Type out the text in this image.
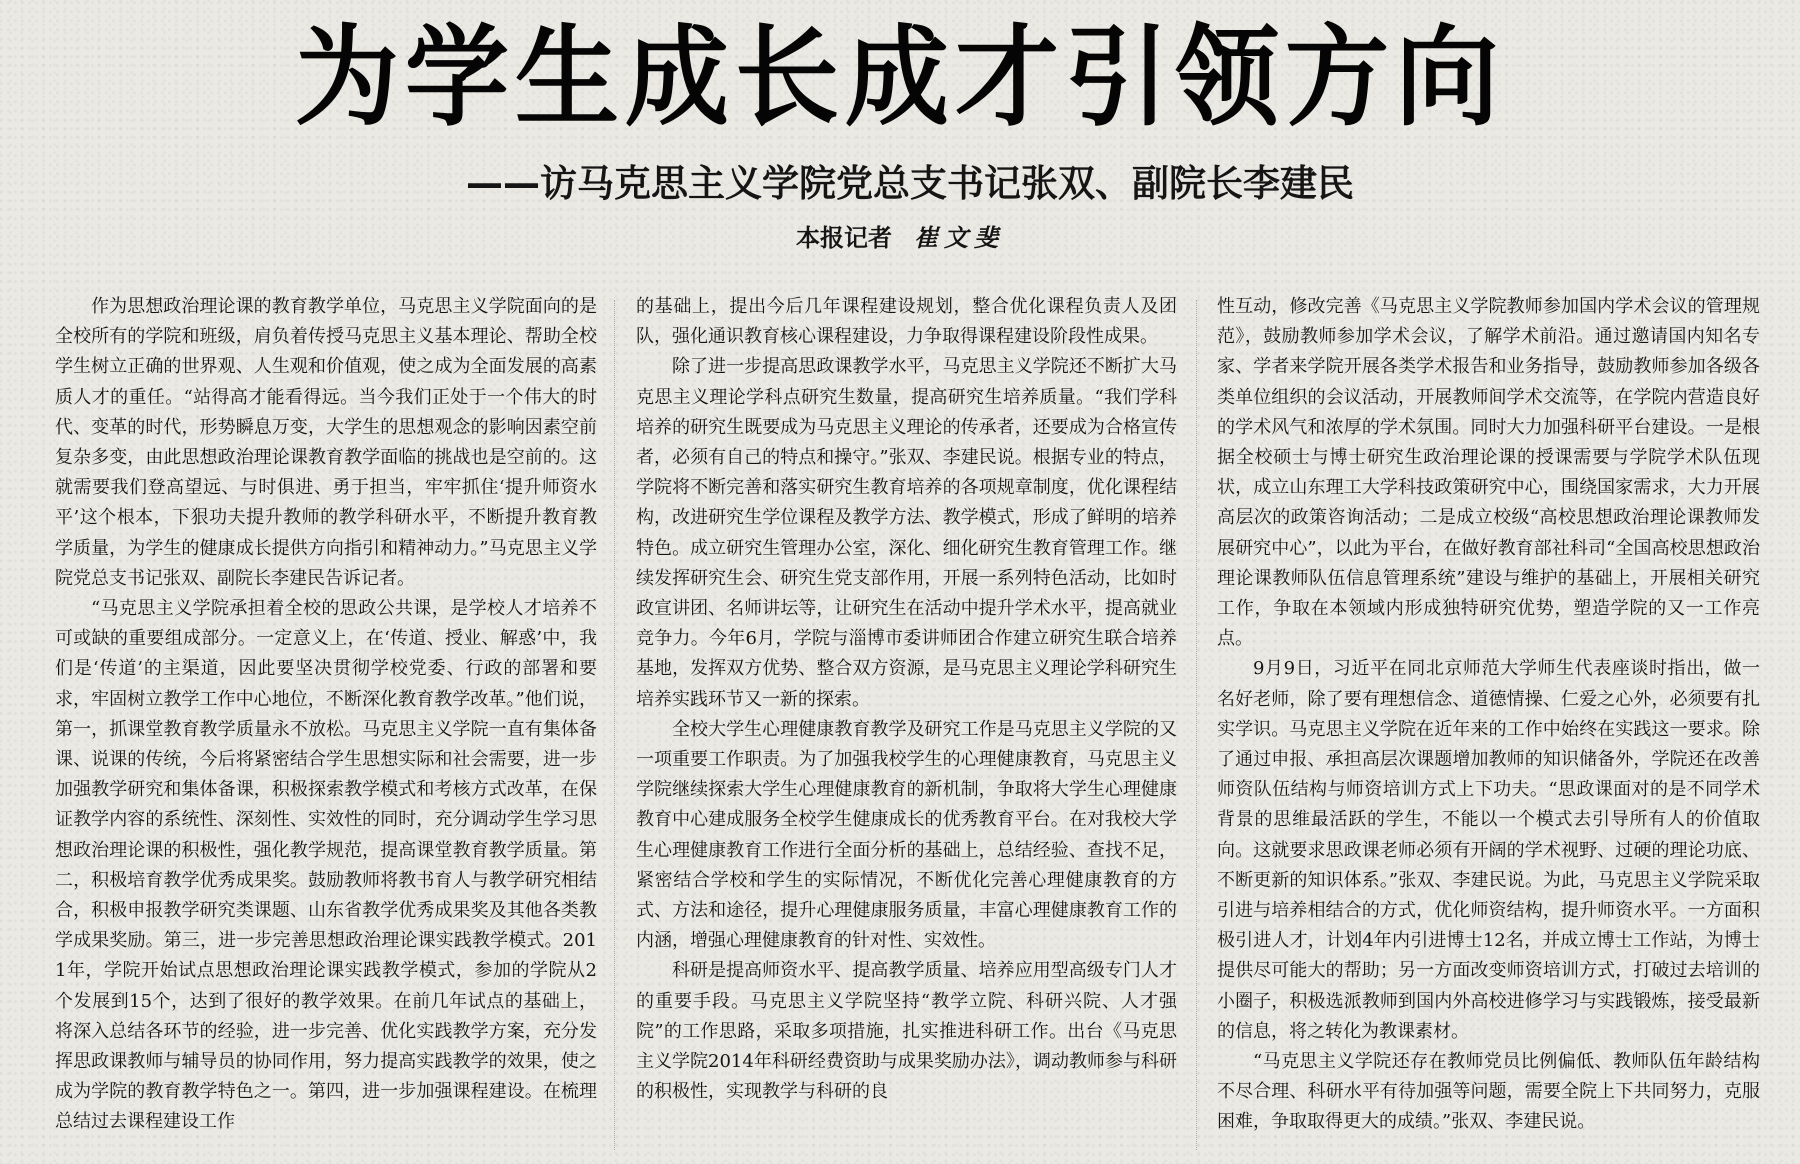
为学生成长成才引领方向
——访马克思主义学院党总支书记张双、副院长李建民
本报记者 崔文斐

作为思想政治理论课的教育教学单位，马克思主义学院面向的是全校所有的学院和班级，肩负着传授马克思主义基本理论、帮助全校学生树立正确的世界观、人生观和价值观，使之成为全面发展的高素质人才的重任。“站得高才能看得远。当今我们正处于一个伟大的时代、变革的时代，形势瞬息万变，大学生的思想观念的影响因素空前复杂多变，由此思想政治理论课教育教学面临的挑战也是空前的。这就需要我们登高望远、与时俱进、勇于担当，牢牢抓住‘提升师资水平’这个根本，下狠功夫提升教师的教学科研水平，不断提升教育教学质量，为学生的健康成长提供方向指引和精神动力。”马克思主义学院党总支书记张双、副院长李建民告诉记者。

“马克思主义学院承担着全校的思政公共课，是学校人才培养不可或缺的重要组成部分。一定意义上，在‘传道、授业、解惑’中，我们是‘传道’的主渠道，因此要坚决贯彻学校党委、行政的部署和要求，牢固树立教学工作中心地位，不断深化教育教学改革。”他们说，第一，抓课堂教育教学质量永不放松。马克思主义学院一直有集体备课、说课的传统，今后将紧密结合学生思想实际和社会需要，进一步加强教学研究和集体备课，积极探索教学模式和考核方式改革，在保证教学内容的系统性、深刻性、实效性的同时，充分调动学生学习思想政治理论课的积极性，强化教学规范，提高课堂教育教学质量。第二，积极培育教学优秀成果奖。鼓励教师将教书育人与教学研究相结合，积极申报教学研究类课题、山东省教学优秀成果奖及其他各类教学成果奖励。第三，进一步完善思想政治理论课实践教学模式。2011年，学院开始试点思想政治理论课实践教学模式，参加的学院从2个发展到15个，达到了很好的教学效果。在前几年试点的基础上，将深入总结各环节的经验，进一步完善、优化实践教学方案，充分发挥思政课教师与辅导员的协同作用，努力提高实践教学的效果，使之成为学院的教育教学特色之一。第四，进一步加强课程建设。在梳理总结过去课程建设工作

的基础上，提出今后几年课程建设规划，整合优化课程负责人及团队，强化通识教育核心课程建设，力争取得课程建设阶段性成果。

除了进一步提高思政课教学水平，马克思主义学院还不断扩大马克思主义理论学科点研究生数量，提高研究生培养质量。“我们学科培养的研究生既要成为马克思主义理论的传承者，还要成为合格宣传者，必须有自己的特点和操守。”张双、李建民说。根据专业的特点，学院将不断完善和落实研究生教育培养的各项规章制度，优化课程结构，改进研究生学位课程及教学方法、教学模式，形成了鲜明的培养特色。成立研究生管理办公室，深化、细化研究生教育管理工作。继续发挥研究生会、研究生党支部作用，开展一系列特色活动，比如时政宣讲团、名师讲坛等，让研究生在活动中提升学术水平，提高就业竞争力。今年6月，学院与淄博市委讲师团合作建立研究生联合培养基地，发挥双方优势、整合双方资源，是马克思主义理论学科研究生培养实践环节又一新的探索。

全校大学生心理健康教育教学及研究工作是马克思主义学院的又一项重要工作职责。为了加强我校学生的心理健康教育，马克思主义学院继续探索大学生心理健康教育的新机制，争取将大学生心理健康教育中心建成服务全校学生健康成长的优秀教育平台。在对我校大学生心理健康教育工作进行全面分析的基础上，总结经验、查找不足，紧密结合学校和学生的实际情况，不断优化完善心理健康教育的方式、方法和途径，提升心理健康服务质量，丰富心理健康教育工作的内涵，增强心理健康教育的针对性、实效性。

科研是提高师资水平、提高教学质量、培养应用型高级专门人才的重要手段。马克思主义学院坚持“教学立院、科研兴院、人才强院”的工作思路，采取多项措施，扎实推进科研工作。出台《马克思主义学院2014年科研经费资助与成果奖励办法》，调动教师参与科研的积极性，实现教学与科研的良

性互动，修改完善《马克思主义学院教师参加国内学术会议的管理规范》，鼓励教师参加学术会议，了解学术前沿。通过邀请国内知名专家、学者来学院开展各类学术报告和业务指导，鼓励教师参加各级各类单位组织的会议活动，开展教师间学术交流等，在学院内营造良好的学术风气和浓厚的学术氛围。同时大力加强科研平台建设。一是根据全校硕士与博士研究生政治理论课的授课需要与学院学术队伍现状，成立山东理工大学科技政策研究中心，围绕国家需求，大力开展高层次的政策咨询活动；二是成立校级“高校思想政治理论课教师发展研究中心”，以此为平台，在做好教育部社科司“全国高校思想政治理论课教师队伍信息管理系统”建设与维护的基础上，开展相关研究工作，争取在本领域内形成独特研究优势，塑造学院的又一工作亮点。

9月9日，习近平在同北京师范大学师生代表座谈时指出，做一名好老师，除了要有理想信念、道德情操、仁爱之心外，必须要有扎实学识。马克思主义学院在近年来的工作中始终在实践这一要求。除了通过申报、承担高层次课题增加教师的知识储备外，学院还在改善师资队伍结构与师资培训方式上下功夫。“思政课面对的是不同学术背景的思维最活跃的学生，不能以一个模式去引导所有人的价值取向。这就要求思政课老师必须有开阔的学术视野、过硬的理论功底、不断更新的知识体系。”张双、李建民说。为此，马克思主义学院采取引进与培养相结合的方式，优化师资结构，提升师资水平。一方面积极引进人才，计划4年内引进博士12名，并成立博士工作站，为博士提供尽可能大的帮助；另一方面改变师资培训方式，打破过去培训的小圈子，积极选派教师到国内外高校进修学习与实践锻炼，接受最新的信息，将之转化为教课素材。

“马克思主义学院还存在教师党员比例偏低、教师队伍年龄结构不尽合理、科研水平有待加强等问题，需要全院上下共同努力，克服困难，争取取得更大的成绩。”张双、李建民说。
